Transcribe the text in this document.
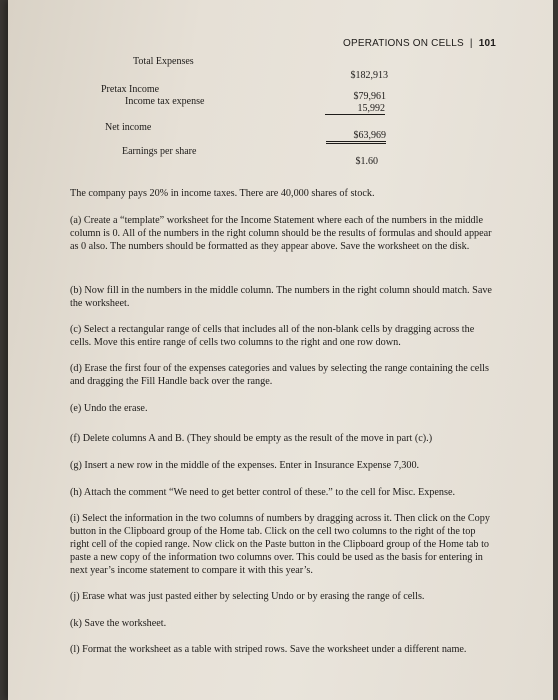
OPERATIONS ON CELLS | 101
Total Expenses
$182,913
Pretax Income
Income tax expense	$79,961
15,992
Net income
$63,969
Earnings per share
$1.60

The company pays 20% in income taxes. There are 40,000 shares of stock.

(a) Create a “template” worksheet for the Income Statement where each of the numbers in the middle column is 0. All of the numbers in the right column should be the results of formulas and should appear as 0 also. The numbers should be formatted as they appear above. Save the worksheet on the disk.

(b) Now fill in the numbers in the middle column. The numbers in the right column should match. Save the worksheet.

(c) Select a rectangular range of cells that includes all of the non-blank cells by dragging across the cells. Move this entire range of cells two columns to the right and one row down.

(d) Erase the first four of the expenses categories and values by selecting the range containing the cells and dragging the Fill Handle back over the range.

(e) Undo the erase.

(f) Delete columns A and B. (They should be empty as the result of the move in part (c).)

(g) Insert a new row in the middle of the expenses. Enter in Insurance Expense 7,300.

(h) Attach the comment “We need to get better control of these.” to the cell for Misc. Expense.

(i) Select the information in the two columns of numbers by dragging across it. Then click on the Copy button in the Clipboard group of the Home tab. Click on the cell two columns to the right of the top right cell of the copied range. Now click on the Paste button in the Clipboard group of the Home tab to paste a new copy of the information two columns over. This could be used as the basis for entering in next year’s income statement to compare it with this year’s.

(j) Erase what was just pasted either by selecting Undo or by erasing the range of cells.

(k) Save the worksheet.

(l) Format the worksheet as a table with striped rows. Save the worksheet under a different name.
